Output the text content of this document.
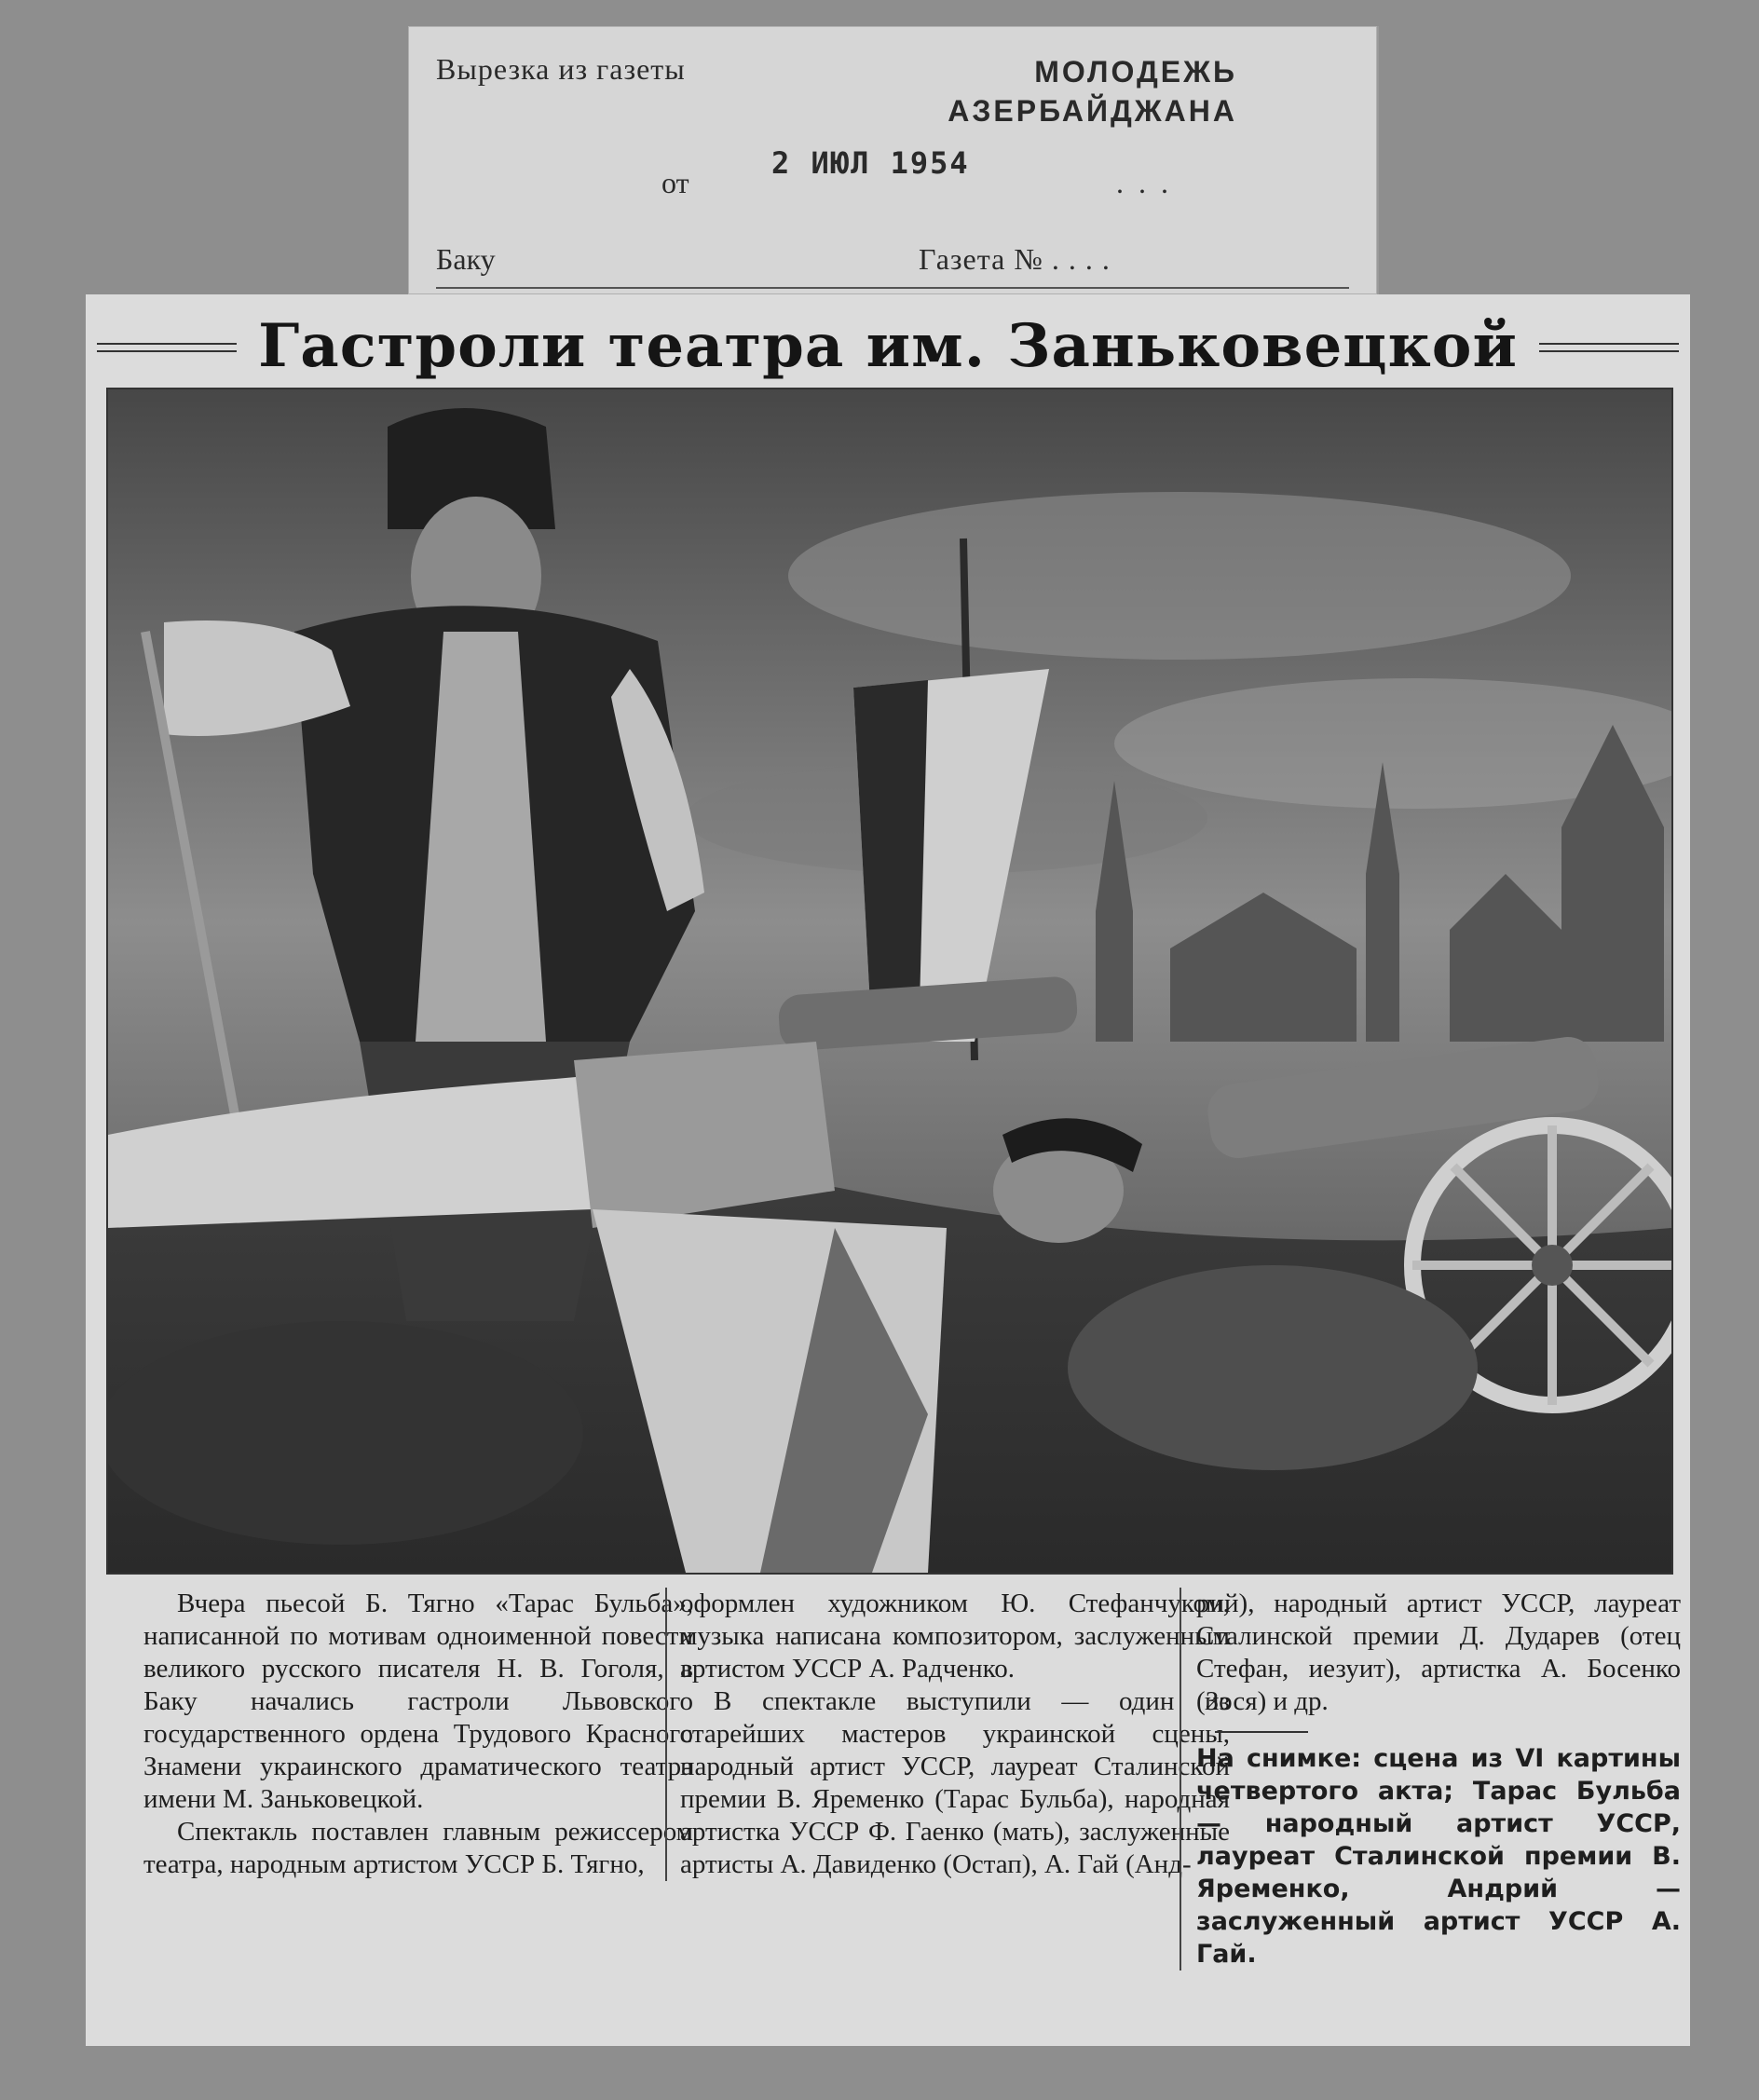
Вырезка из газеты	МОЛОДЕЖЬ
АЗЕРБАЙДЖАНА
от
2 ИЮЛ 1954
...
Баку	Газета № . . . .
Гастроли театра им. Заньковецкой

Вчера пьесой Б. Тягно «Тарас Бульба», написанной по мотивам одноименной повести великого русского писателя Н. В. Гоголя, в Баку начались гастроли Львовского государственного ордена Трудового Красного Знамени украинского драматического театра имени М. Заньковецкой.

Спектакль поставлен главным режиссером театра, народным артистом УССР Б. Тягно,

оформлен художником Ю. Стефанчуком, музыка написана композитором, заслуженным артистом УССР А. Радченко.

В спектакле выступили — один из старейших мастеров украинской сцены, народный артист УССР, лауреат Сталинской премии В. Яременко (Тарас Бульба), народная артистка УССР Ф. Гаенко (мать), заслуженные артисты А. Давиденко (Остап), А. Гай (Анд-

рий), народный артист УССР, лауреат Сталинской премии Д. Дударев (отец Стефан, иезуит), артистка А. Босенко (Зося) и др.

На снимке: сцена из VI картины четвертого акта; Тарас Бульба — народный артист УССР, лауреат Сталинской премии В. Яременко, Андрий — заслуженный артист УССР А. Гай.
